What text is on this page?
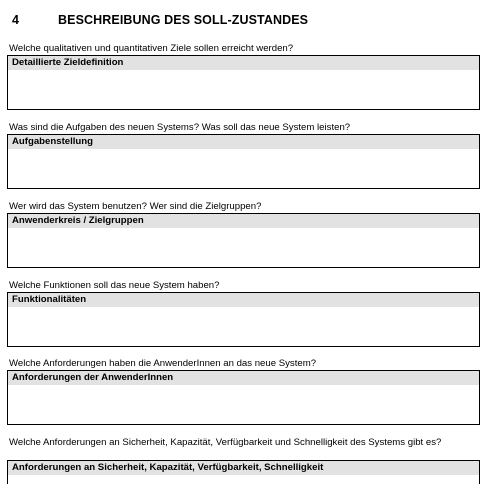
4	BESCHREIBUNG DES SOLL-ZUSTANDES
Welche qualitativen und quantitativen Ziele sollen erreicht werden?
Detaillierte Zieldefinition
Was sind die Aufgaben des neuen Systems? Was soll das neue System leisten?
Aufgabenstellung
Wer wird das System benutzen? Wer sind die Zielgruppen?
Anwenderkreis / Zielgruppen
Welche Funktionen soll das neue System haben?
Funktionalitäten
Welche Anforderungen haben die AnwenderInnen an das neue System?
Anforderungen der AnwenderInnen
Welche Anforderungen an Sicherheit, Kapazität, Verfügbarkeit und Schnelligkeit des Systems gibt es?
Anforderungen an Sicherheit, Kapazität, Verfügbarkeit, Schnelligkeit
